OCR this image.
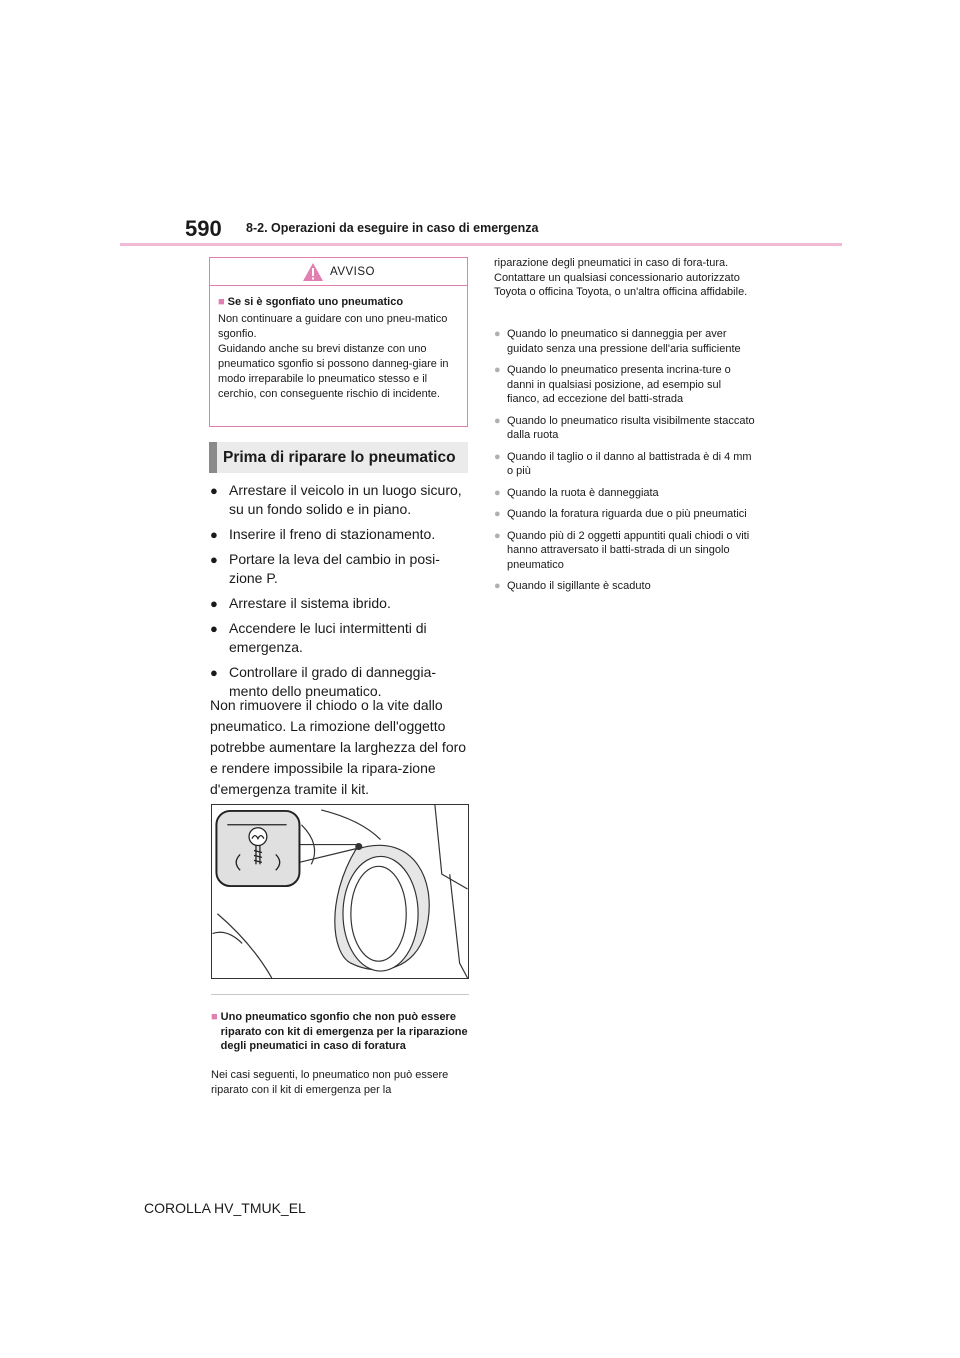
590 8-2. Operazioni da eseguire in caso di emergenza

AVVISO
■ Se si è sgonfiato uno pneumatico
Non continuare a guidare con uno pneu-matico sgonfio.
Guidando anche su brevi distanze con uno pneumatico sgonfio si possono danneg-giare in modo irreparabile lo pneumatico stesso e il cerchio, con conseguente rischio di incidente.
Prima di riparare lo pneumatico
● Arrestare il veicolo in un luogo sicuro, su un fondo solido e in piano.
● Inserire il freno di stazionamento.
● Portare la leva del cambio in posi-zione P.
● Arrestare il sistema ibrido.
● Accendere le luci intermittenti di emergenza.
● Controllare il grado di danneggia-mento dello pneumatico.

Non rimuovere il chiodo o la vite dallo pneumatico. La rimozione dell'oggetto potrebbe aumentare la larghezza del foro e rendere impossibile la ripara-zione d'emergenza tramite il kit.

■ Uno pneumatico sgonfio che non può essere riparato con kit di emergenza per la riparazione degli pneumatici in caso di foratura

Nei casi seguenti, lo pneumatico non può essere riparato con il kit di emergenza per la

riparazione degli pneumatici in caso di fora-tura. Contattare un qualsiasi concessionario autorizzato Toyota o officina Toyota, o un'altra officina affidabile.

● Quando lo pneumatico si danneggia per aver guidato senza una pressione dell'aria sufficiente
● Quando lo pneumatico presenta incrina-ture o danni in qualsiasi posizione, ad esempio sul fianco, ad eccezione del batti-strada
● Quando lo pneumatico risulta visibilmente staccato dalla ruota
● Quando il taglio o il danno al battistrada è di 4 mm o più
● Quando la ruota è danneggiata
● Quando la foratura riguarda due o più pneumatici
● Quando più di 2 oggetti appuntiti quali chiodi o viti hanno attraversato il batti-strada di un singolo pneumatico
● Quando il sigillante è scaduto

COROLLA HV_TMUK_EL
